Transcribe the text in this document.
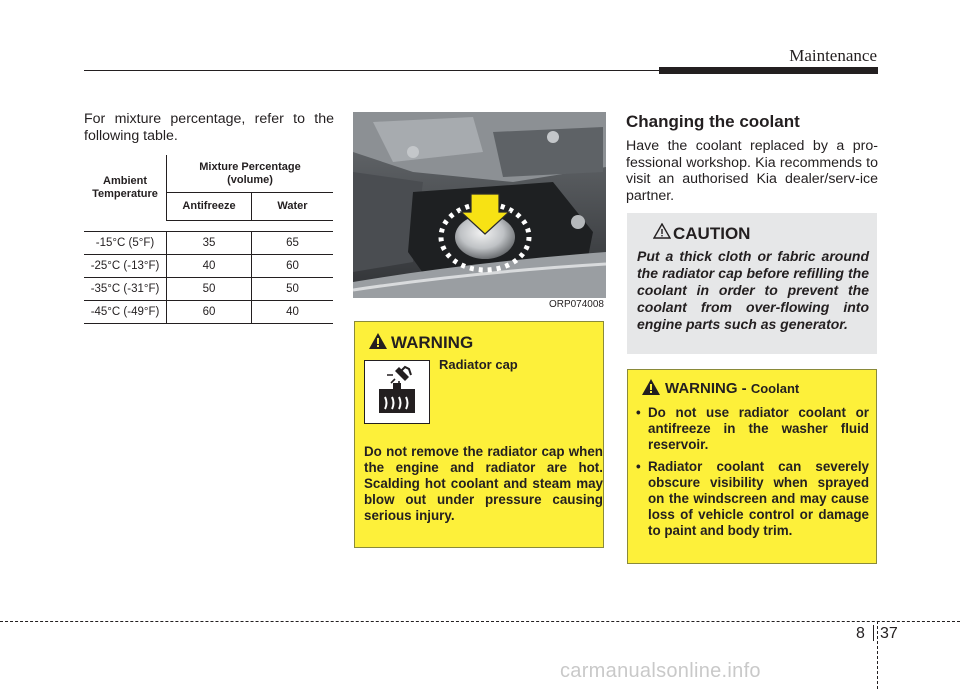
Maintenance
For mixture percentage, refer to the following table.
Ambient Temperature	Mixture Percentage (volume)	
	Antifreeze	Water

-15°C (5°F)	35	65
-25°C (-13°F)	40	60
-35°C (-31°F)	50	50
-45°C (-49°F)	60	40
ORP074008
WARNING
Radiator cap
Do not remove the radiator cap when the engine and radiator are hot. Scalding hot coolant and steam may blow out under pressure causing serious injury.
Changing the coolant
Have the coolant replaced by a pro-fessional workshop. Kia recommends to visit an authorised Kia dealer/serv-ice partner.
CAUTION
Put a thick cloth or fabric around the radiator cap before refilling the coolant in order to prevent the coolant from over-flowing into engine parts such as generator.
WARNING - Coolant
• Do not use radiator coolant or antifreeze in the washer fluid reservoir.
• Radiator coolant can severely obscure visibility when sprayed on the windscreen and may cause loss of vehicle control or damage to paint and body trim.
8 37
carmanualsonline.info
